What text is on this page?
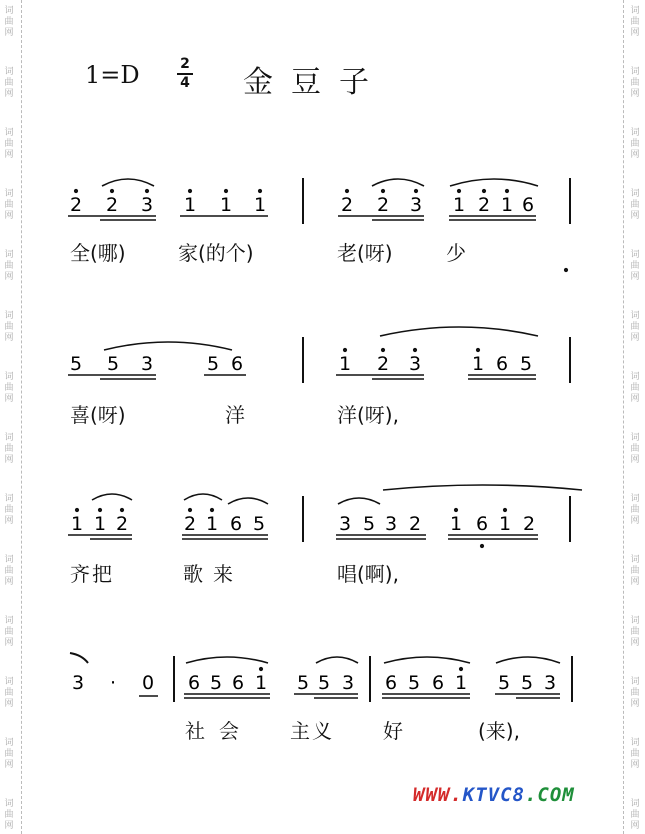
词
曲
网
词
曲
网
词
曲
网
词
曲
网
词
曲
网
词
曲
网
词
曲
网
词
曲
网
词
曲
网
词
曲
网
词
曲
网
词
曲
网
词
曲
网
词
曲
网
词
曲
网
词
曲
网
词
曲
网
词
曲
网
词
曲
网
词
曲
网
词
曲
网
词
曲
网
词
曲
网
词
曲
网
词
曲
网
词
曲
网
词
曲
网
词
曲
网
1=D	2
4 金豆子
2 2 3 1 1 1	2 2 3 1 2 1 6
5 5 3	5 6	1 2 3	1 6 5
1 1 2	2 1 6 5	3 5 3 2 1 6 1 2
3 · 0 6 5 6 1 5 5 3 6 5 6 1 5 5 3
全(哪)	家(的个)	老(呀)	少
喜(呀)	洋	洋(呀),
齐把	歌来	唱(啊),
社会 主义 好	(来),
WWW.KTVC8.COM
